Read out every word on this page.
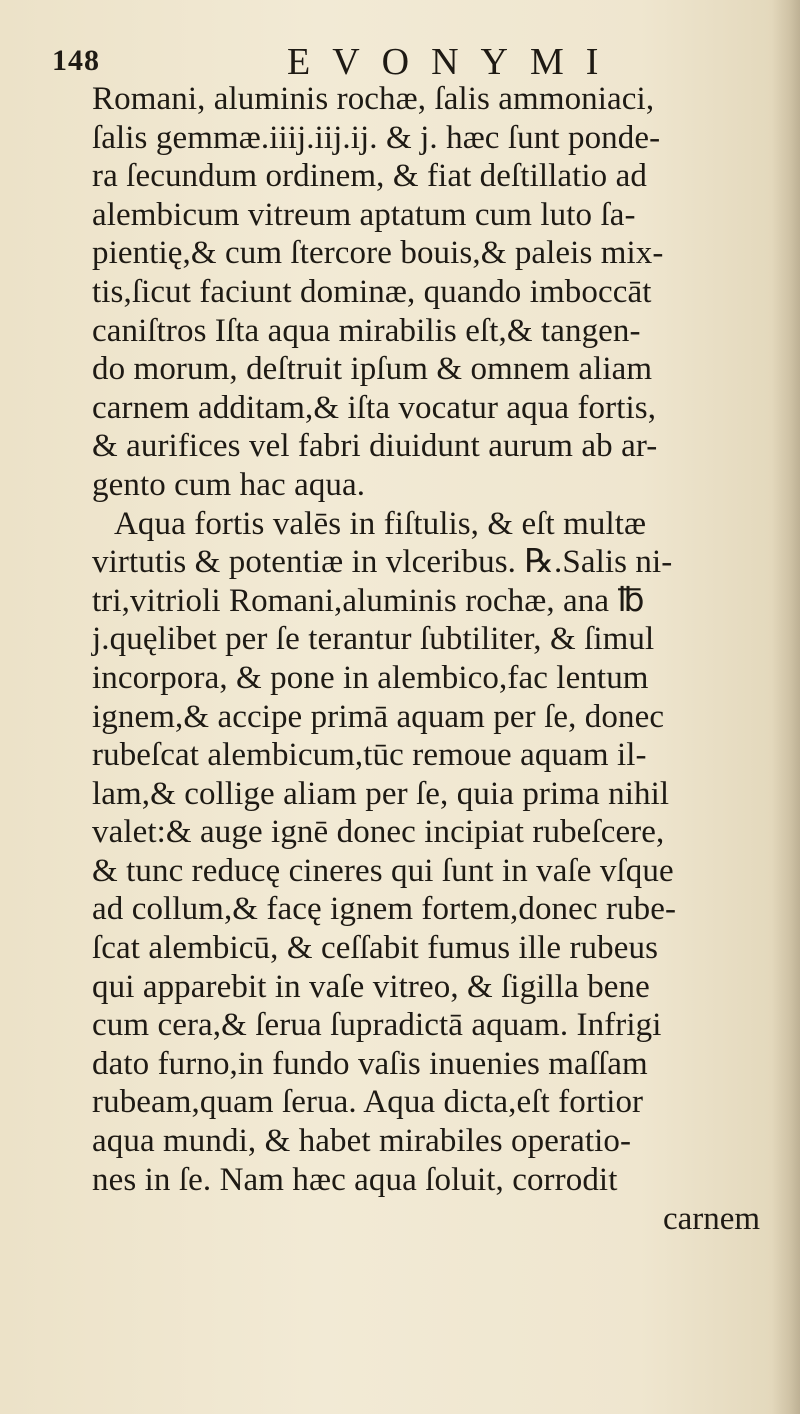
148	EVONYMI
Romani, aluminis rochæ, ſalis ammoniaci,
ſalis gemmæ.iiij.iij.ij. & j. hæc ſunt ponde-
ra ſecundum ordinem, & fiat deſtillatio ad
alembicum vitreum aptatum cum luto ſa-
pientię,& cum ſtercore bouis,& paleis mix-
tis,ſicut faciunt dominæ, quando imboccāt
caniſtros Iſta aqua mirabilis eſt,& tangen-
do morum, deſtruit ipſum & omnem aliam
carnem additam,& iſta vocatur aqua fortis,
& aurifices vel fabri diuidunt aurum ab ar-
gento cum hac aqua.
Aqua fortis valēs in fiſtulis, & eſt multæ
virtutis & potentiæ in vlceribus. ℞.Salis ni-
tri,vitrioli Romani,aluminis rochæ, ana ℔
j.quęlibet per ſe terantur ſubtiliter, & ſimul
incorpora, & pone in alembico,fac lentum
ignem,& accipe primā aquam per ſe, donec
rubeſcat alembicum,tūc remoue aquam il-
lam,& collige aliam per ſe, quia prima nihil
valet:& auge ignē donec incipiat rubeſcere,
& tunc reducę cineres qui ſunt in vaſe vſque
ad collum,& facę ignem fortem,donec rube-
ſcat alembicū, & ceſſabit fumus ille rubeus
qui apparebit in vaſe vitreo, & ſigilla bene
cum cera,& ſerua ſupradictā aquam. Infrigi
dato furno,in fundo vaſis inuenies maſſam
rubeam,quam ſerua. Aqua dicta,eſt fortior
aqua mundi, & habet mirabiles operatio-
nes in ſe. Nam hæc aqua ſoluit, corrodit
carnem
